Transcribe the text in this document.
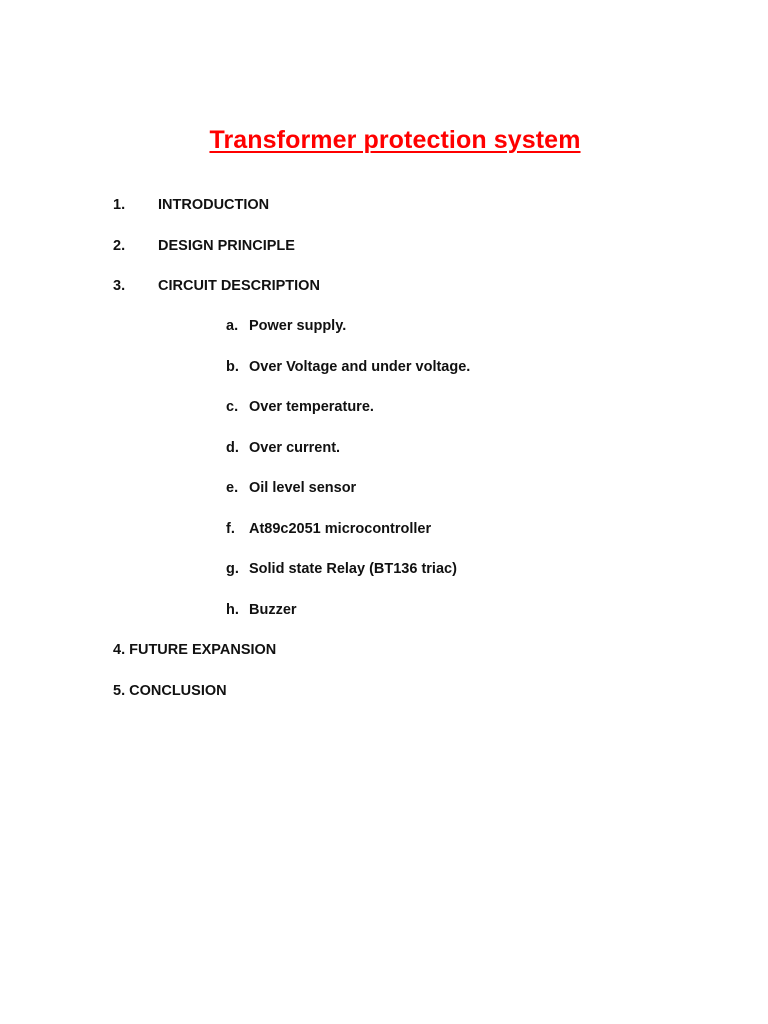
Transformer protection system
1. INTRODUCTION
2. DESIGN PRINCIPLE
3. CIRCUIT DESCRIPTION
a. Power supply.
b. Over Voltage and under voltage.
c. Over temperature.
d. Over current.
e. Oil level sensor
f. At89c2051 microcontroller
g. Solid state Relay (BT136 triac)
h. Buzzer
4. FUTURE EXPANSION
5. CONCLUSION
